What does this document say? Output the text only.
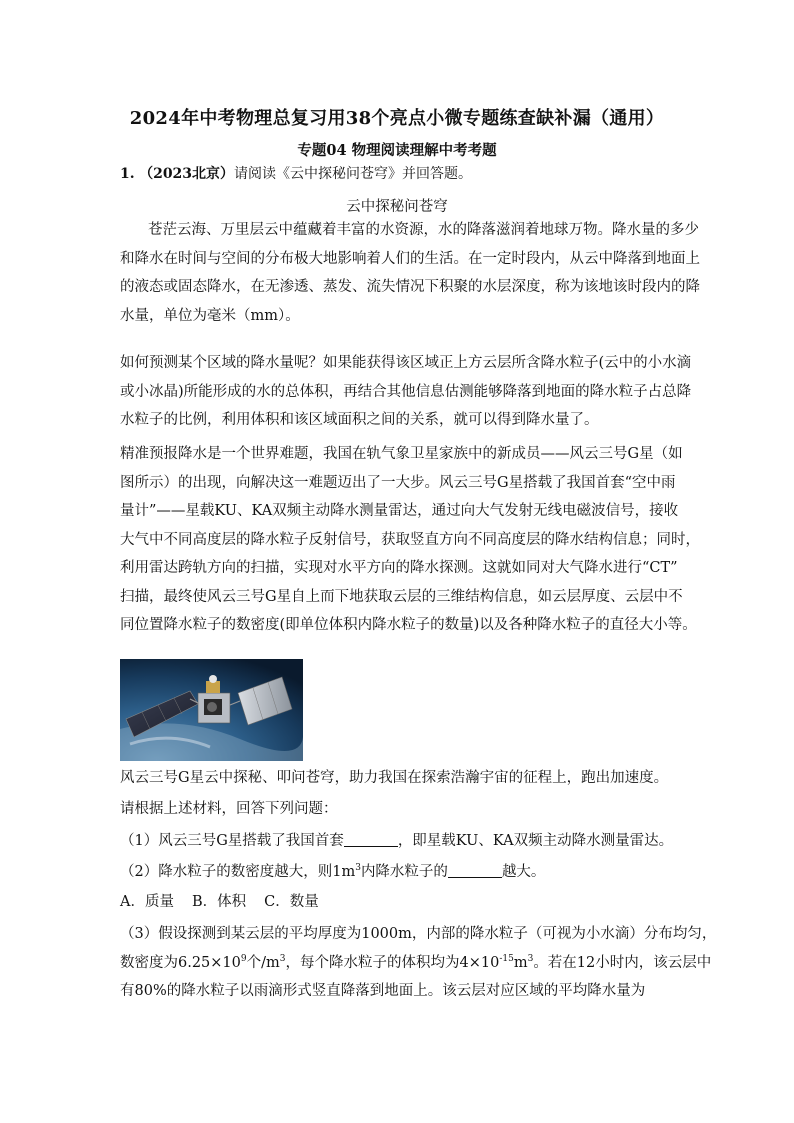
2024年中考物理总复习用38个亮点小微专题练查缺补漏（通用）
专题04 物理阅读理解中考考题
1. （2023北京）请阅读《云中探秘问苍穹》并回答题。
云中探秘问苍穹
苍茫云海、万里层云中蕴藏着丰富的水资源，水的降落滋润着地球万物。降水量的多少
和降水在时间与空间的分布极大地影响着人们的生活。在一定时段内，从云中降落到地面上
的液态或固态降水，在无渗透、蒸发、流失情况下积聚的水层深度，称为该地该时段内的降
水量，单位为毫米（mm）。
如何预测某个区域的降水量呢？如果能获得该区域正上方云层所含降水粒子(云中的小水滴
或小冰晶)所能形成的水的总体积，再结合其他信息估测能够降落到地面的降水粒子占总降
水粒子的比例，利用体积和该区域面积之间的关系，就可以得到降水量了。
精准预报降水是一个世界难题，我国在轨气象卫星家族中的新成员——风云三号G星（如
图所示）的出现，向解决这一难题迈出了一大步。风云三号G星搭载了我国首套“空中雨
量计”——星载KU、KA双频主动降水测量雷达，通过向大气发射无线电磁波信号，接收
大气中不同高度层的降水粒子反射信号，获取竖直方向不同高度层的降水结构信息；同时，
利用雷达跨轨方向的扫描，实现对水平方向的降水探测。这就如同对大气降水进行“CT”
扫描，最终使风云三号G星自上而下地获取云层的三维结构信息，如云层厚度、云层中不
同位置降水粒子的数密度(即单位体积内降水粒子的数量)以及各种降水粒子的直径大小等。
风云三号G星云中探秘、叩问苍穹，助力我国在探索浩瀚宇宙的征程上，跑出加速度。
请根据上述材料，回答下列问题：
（1）风云三号G星搭载了我国首套	，即星载KU、KA双频主动降水测量雷达。
（2）降水粒子的数密度越大，则$1m^3$内降水粒子的	越大。
A．质量 B．体积 C．数量
（3）假设探测到某云层的平均厚度为1000m，内部的降水粒子（可视为小水滴）分布均匀，
数密度为$6.25\times 10^9$个$/m^3$，每个降水粒子的体积均为$4\times 10^{-15}m^3$。若在12小时内，该云层中
有80%的降水粒子以雨滴形式竖直降落到地面上。该云层对应区域的平均降水量为
